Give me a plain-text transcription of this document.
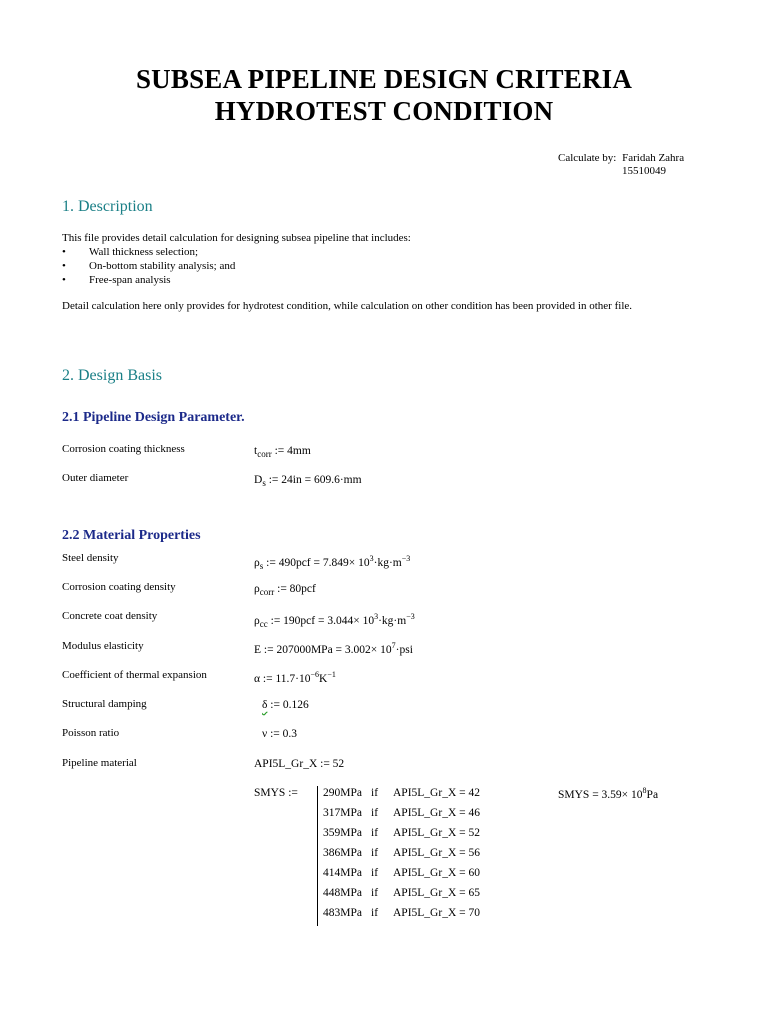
SUBSEA PIPELINE DESIGN CRITERIA
HYDROTEST CONDITION
Calculate by: Faridah Zahra
15510049
1. Description
This file provides detail calculation for designing subsea pipeline that includes:
• Wall thickness selection;
• On-bottom stability analysis; and
• Free-span analysis
Detail calculation here only provides for hydrotest condition, while calculation on other condition has been provided in other file.
2. Design Basis
2.1 Pipeline Design Parameter.
Corrosion coating thickness	$t_{corr}$ := 4mm
Outer diameter	$D_s$ := 24in = 609.6·mm
2.2 Material Properties
Steel density	$\rho_s$ := $490pcf = 7.849\times 10^3\cdot kg\cdot m^{-3}$
Corrosion coating density	$\rho_{corr}$ := 80pcf
Concrete coat density	$\rho_{cc}$ := $190pcf = 3.044\times 10^3\cdot kg\cdot m^{-3}$
Modulus elasticity	E := $207000MPa = 3.002\times 10^7\cdot psi$
Coefficient of thermal expansion	α := $11.7\cdot 10^{-6}K^{-1}$
Structural damping	δ := 0.126
Poisson ratio	ν := 0.3
Pipeline material	API5L_Gr_X := 52
SMYS := 290MPa if API5L_Gr_X = 42
317MPa if API5L_Gr_X = 46
359MPa if API5L_Gr_X = 52
386MPa if API5L_Gr_X = 56
414MPa if API5L_Gr_X = 60
448MPa if API5L_Gr_X = 65
483MPa if API5L_Gr_X = 70
SMYS = $3.59\times 10^8Pa$
